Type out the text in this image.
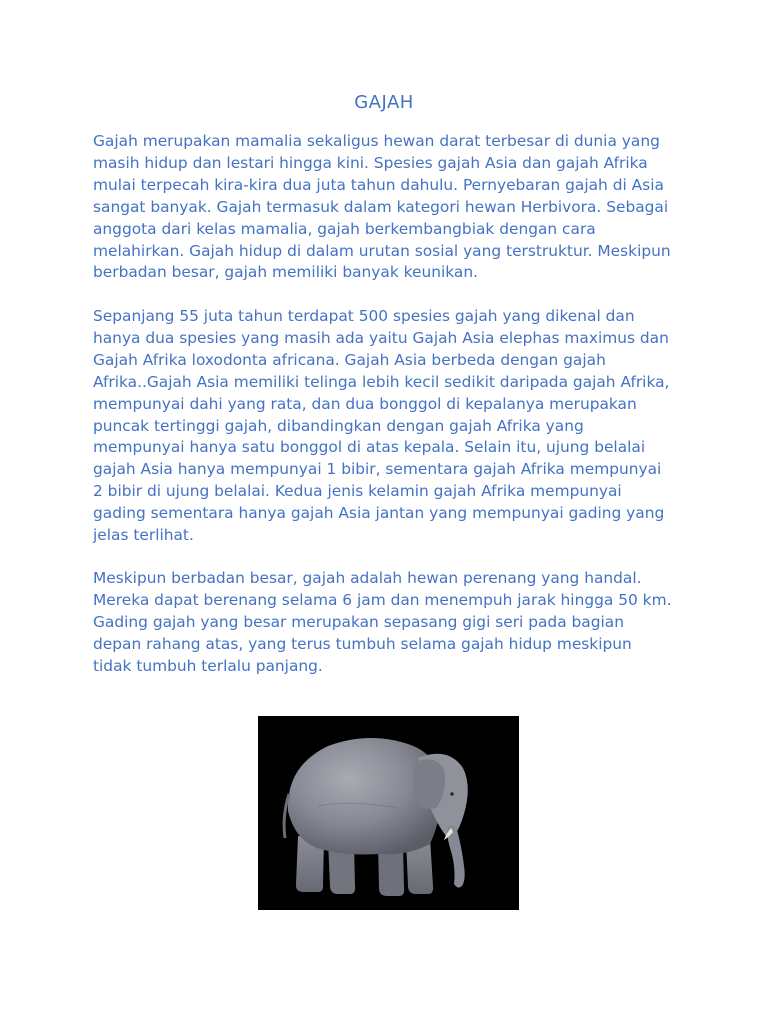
GAJAH

Gajah merupakan mamalia sekaligus hewan darat terbesar di dunia yang masih hidup dan lestari hingga kini. Spesies gajah Asia dan gajah Afrika mulai terpecah kira-kira dua juta tahun dahulu. Pernyebaran gajah di Asia sangat banyak. Gajah termasuk dalam kategori hewan Herbivora. Sebagai anggota dari kelas mamalia, gajah berkembangbiak dengan cara melahirkan. Gajah hidup di dalam urutan sosial yang terstruktur. Meskipun berbadan besar, gajah memiliki banyak keunikan.

Sepanjang 55 juta tahun terdapat 500 spesies gajah yang dikenal dan hanya dua spesies yang masih ada yaitu Gajah Asia elephas maximus dan Gajah Afrika loxodonta africana. Gajah Asia berbeda dengan gajah Afrika..Gajah Asia memiliki telinga lebih kecil sedikit daripada gajah Afrika, mempunyai dahi yang rata, dan dua bonggol di kepalanya merupakan puncak tertinggi gajah, dibandingkan dengan gajah Afrika yang mempunyai hanya satu bonggol di atas kepala. Selain itu, ujung belalai gajah Asia hanya mempunyai 1 bibir, sementara gajah Afrika mempunyai 2 bibir di ujung belalai. Kedua jenis kelamin gajah Afrika mempunyai gading sementara hanya gajah Asia jantan yang mempunyai gading yang jelas terlihat.

Meskipun berbadan besar, gajah adalah hewan perenang yang handal. Mereka dapat berenang selama 6 jam dan menempuh jarak hingga 50 km. Gading gajah yang besar merupakan sepasang gigi seri pada bagian depan rahang atas, yang terus tumbuh selama gajah hidup meskipun tidak tumbuh terlalu panjang.
